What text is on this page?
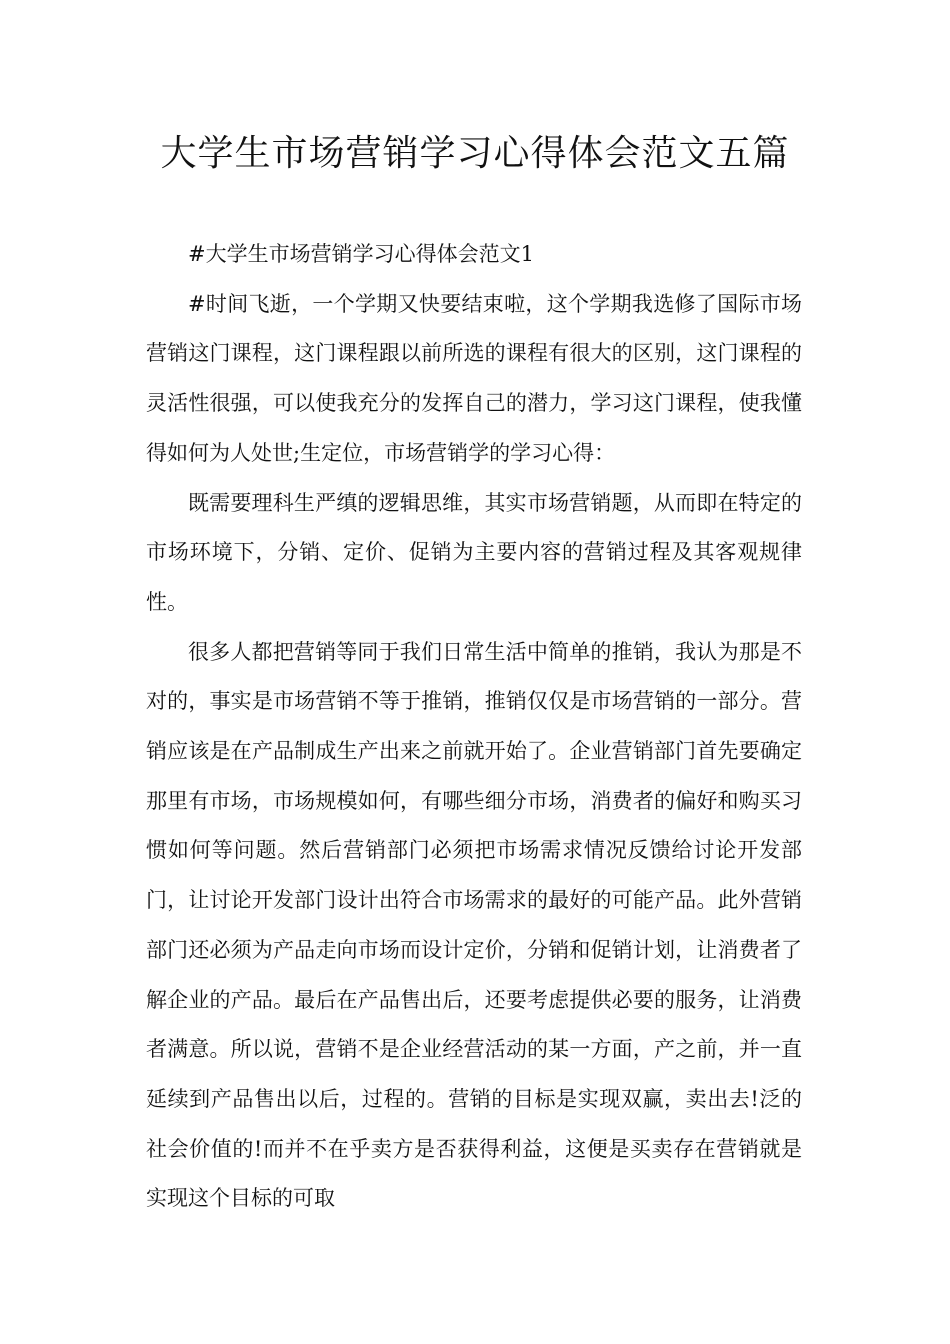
大学生市场营销学习心得体会范文五篇

#大学生市场营销学习心得体会范文1

#时间飞逝，一个学期又快要结束啦，这个学期我选修了国际市场营销这门课程，这门课程跟以前所选的课程有很大的区别，这门课程的灵活性很强，可以使我充分的发挥自己的潜力，学习这门课程，使我懂得如何为人处世;生定位，市场营销学的学习心得：

既需要理科生严缜的逻辑思维，其实市场营销题，从而即在特定的市场环境下，分销、定价、促销为主要内容的营销过程及其客观规律性。

很多人都把营销等同于我们日常生活中简单的推销，我认为那是不对的，事实是市场营销不等于推销，推销仅仅是市场营销的一部分。营销应该是在产品制成生产出来之前就开始了。企业营销部门首先要确定那里有市场，市场规模如何，有哪些细分市场，消费者的偏好和购买习惯如何等问题。然后营销部门必须把市场需求情况反馈给讨论开发部门，让讨论开发部门设计出符合市场需求的最好的可能产品。此外营销部门还必须为产品走向市场而设计定价，分销和促销计划，让消费者了解企业的产品。最后在产品售出后，还要考虑提供必要的服务，让消费者满意。所以说，营销不是企业经营活动的某一方面，产之前，并一直延续到产品售出以后，过程的。营销的目标是实现双赢，卖出去!泛的社会价值的!而并不在乎卖方是否获得利益，这便是买卖存在营销就是实现这个目标的可取
